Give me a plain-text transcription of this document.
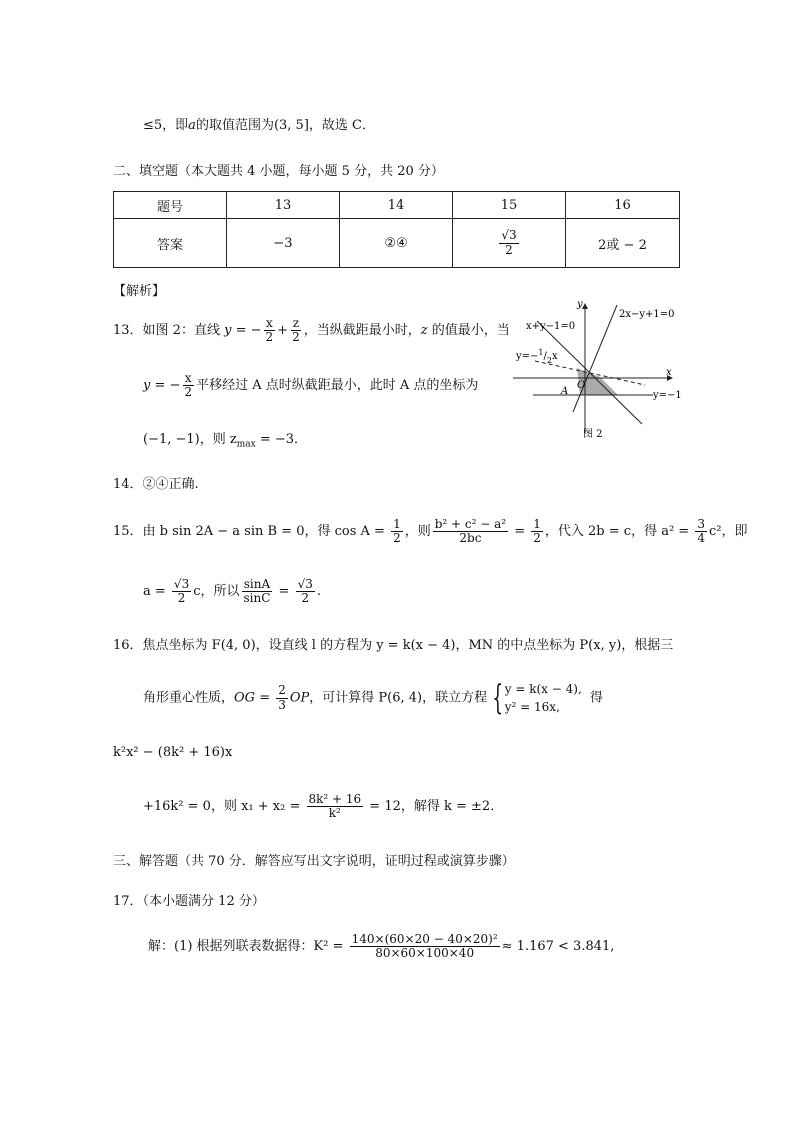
≤5，即a的取值范围为(3, 5]，故选 C．
二、填空题（本大题共 4 小题，每小题 5 分，共 20 分）
题号	13	14	15	16
答案	−3	②④	$\frac{√3}{2}$	2或 − 2
【解析】
13．如图 2：直线 y = − $\frac{x}{2} + \frac{z}{2}$ ，当纵截距最小时，z 的值最小，当
y = − $\frac{x}{2}$ 平移经过 A 点时纵截距最小，此时 A 点的坐标为
(−1, −1)，则 $z_{max} = -3$．
x+y−1=0
2x−y+1=0
$y=-^1/_2x$
y=−1
x
y
A
O
图 2
14．②④正确.
15．由 b sin 2A − a sin B = 0，得 $\cos A = \frac{1}{2}$ ，则 $\frac{\text{b² + c² − a²}}{2bc} = \frac{1}{2}$ ，代入 2b = c，得 $a^2 = \frac{3}{4} c^2$，即
$a = \frac{√3}{2}$ c，所以 $\frac{\sin A}{\sin C} = \frac{√3}{2}$ .
16．焦点坐标为 F(4, 0)，设直线 l 的方程为 y = k(x − 4)，MN 的中点坐标为 P(x, y)，根据三
角形重心性质，OG = $\frac{2}{3}$ OP，可计算得 P(6, 4)，联立方程 { y = k(x − 4),
y² = 16x,
得
k²x² − (8k² + 16)x
+16k² = 0，则 $x_1 + x_2 = \frac{\text{8k² + 16}}{\text{k²}} = 12$，解得 k = ±2．
三、解答题（共 70 分．解答应写出文字说明，证明过程或演算步骤）
17．（本小题满分 12 分）
解：(1) 根据列联表数据得：$K^2 = \frac{\text{140×(60×20 − 40×20)²}}{80\times 60\times 100\times 40} \approx 1.167 < 3.841$,
